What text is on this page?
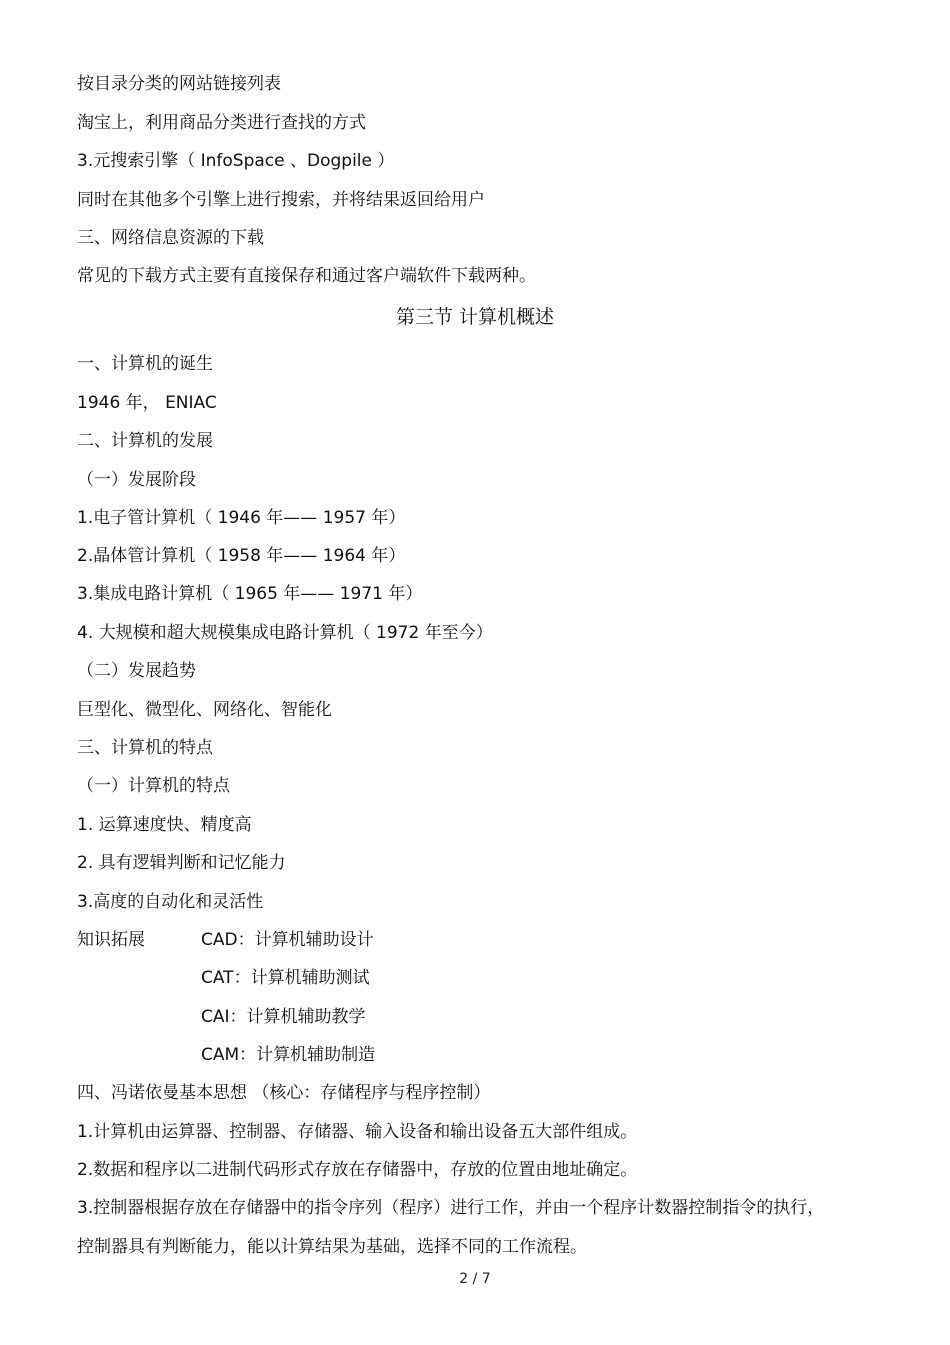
按目录分类的网站链接列表
淘宝上，利用商品分类进行查找的方式
3.元搜索引擎（ InfoSpace 、Dogpile ）
同时在其他多个引擎上进行搜索，并将结果返回给用户
三、网络信息资源的下载
常见的下载方式主要有直接保存和通过客户端软件下载两种。
第三节 计算机概述
一、计算机的诞生
1946 年， ENIAC
二、计算机的发展
（一）发展阶段
1.电子管计算机（ 1946 年—— 1957 年）
2.晶体管计算机（ 1958 年—— 1964 年）
3.集成电路计算机（ 1965 年—— 1971 年）
4. 大规模和超大规模集成电路计算机（ 1972 年至今）
（二）发展趋势
巨型化、微型化、网络化、智能化
三、计算机的特点
（一）计算机的特点
1. 运算速度快、精度高
2. 具有逻辑判断和记忆能力
3.高度的自动化和灵活性
知识拓展	CAD：计算机辅助设计
CAT：计算机辅助测试
CAI：计算机辅助教学
CAM：计算机辅助制造
四、冯诺依曼基本思想 （核心：存储程序与程序控制）
1.计算机由运算器、控制器、存储器、输入设备和输出设备五大部件组成。
2.数据和程序以二进制代码形式存放在存储器中，存放的位置由地址确定。
3.控制器根据存放在存储器中的指令序列（程序）进行工作，并由一个程序计数器控制指令的执行，
控制器具有判断能力，能以计算结果为基础，选择不同的工作流程。
2 / 7
